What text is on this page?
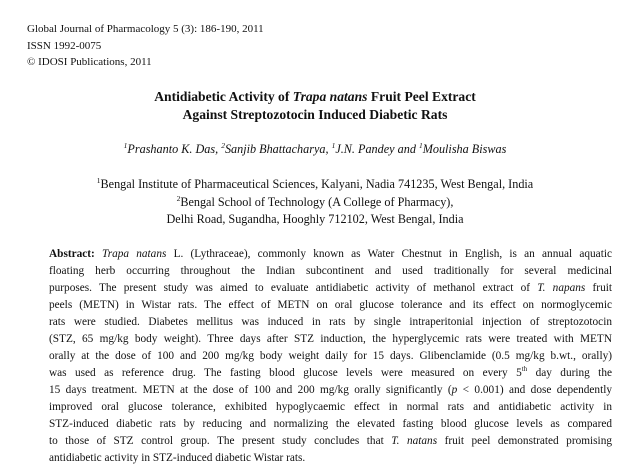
Global Journal of Pharmacology 5 (3): 186-190, 2011
ISSN 1992-0075
© IDOSI Publications, 2011
Antidiabetic Activity of Trapa natans Fruit Peel Extract
Against Streptozotocin Induced Diabetic Rats
$^1$Prashanto K. Das, $^2$Sanjib Bhattacharya, $^1$J.N. Pandey and $^1$Moulisha Biswas
$^1$Bengal Institute of Pharmaceutical Sciences, Kalyani, Nadia 741235, West Bengal, India
$^2$Bengal School of Technology (A College of Pharmacy),
Delhi Road, Sugandha, Hooghly 712102, West Bengal, India
Abstract: Trapa natans L. (Lythraceae), commonly known as Water Chestnut in English, is an annual aquatic
floating herb occurring throughout the Indian subcontinent and used traditionally for several medicinal
purposes. The present study was aimed to evaluate antidiabetic activity of methanol extract of T. napans fruit
peels (METN) in Wistar rats. The effect of METN on oral glucose tolerance and its effect on normoglycemic
rats were studied. Diabetes mellitus was induced in rats by single intraperitonial injection of streptozotocin
(STZ, 65 mg/kg body weight). Three days after STZ induction, the hyperglycemic rats were treated with METN
orally at the dose of 100 and 200 mg/kg body weight daily for 15 days. Glibenclamide (0.5 mg/kg b.wt., orally)
was used as reference drug. The fasting blood glucose levels were measured on every 5th day during the
15 days treatment. METN at the dose of 100 and 200 mg/kg orally significantly (p < 0.001) and dose dependently
improved oral glucose tolerance, exhibited hypoglycaemic effect in normal rats and antidiabetic activity in
STZ-induced diabetic rats by reducing and normalizing the elevated fasting blood glucose levels as compared
to those of STZ control group. The present study concludes that T. natans fruit peel demonstrated promising
antidiabetic activity in STZ-induced diabetic Wistar rats.
